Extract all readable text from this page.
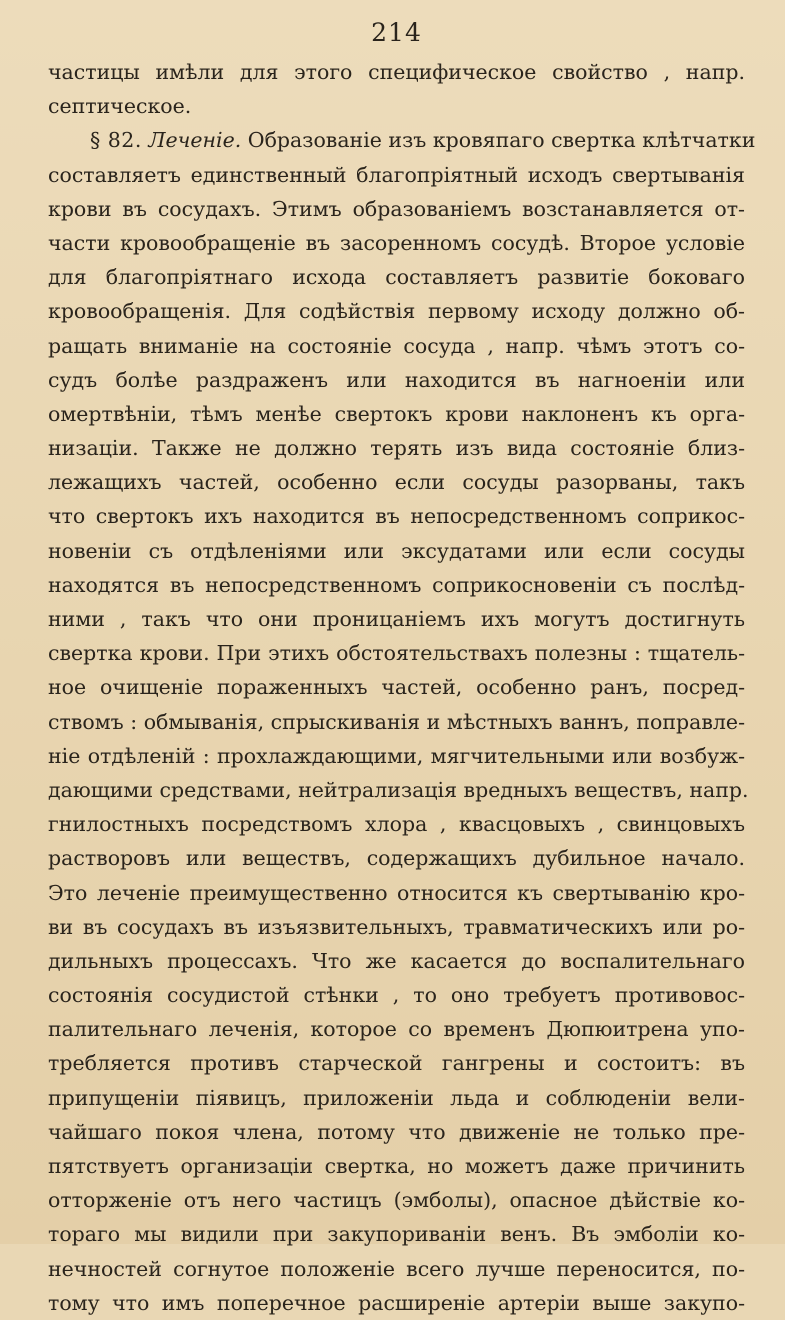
214
частицы имѣли для этого специфическое свойство , напр.
септическое.
§ 82. Леченіе. Образованіе изъ кровяпаго свертка клѣтчатки
составляетъ единственный благопріятный исходъ свертыванія
крови въ сосудахъ. Этимъ образованіемъ возстанавляется от-
части кровообращеніе въ засоренномъ сосудѣ. Второе условіе
для благопріятнаго исхода составляетъ развитіе боковаго
кровообращенія. Для содѣйствія первому исходу должно об-
ращать вниманіе на состояніе сосуда , напр. чѣмъ этотъ со-
судъ болѣе раздраженъ или находится въ нагноеніи или
омертвѣніи, тѣмъ менѣе свертокъ крови наклоненъ къ орга-
низаціи. Также не должно терять изъ вида состояніе близ-
лежащихъ частей, особенно если сосуды разорваны, такъ
что свертокъ ихъ находится въ непосредственномъ соприкос-
новеніи съ отдѣленіями или эксудатами или если сосуды
находятся въ непосредственномъ соприкосновеніи съ послѣд-
ними , такъ что они проницаніемъ ихъ могутъ достигнуть
свертка крови. При этихъ обстоятельствахъ полезны : тщатель-
ное очищеніе пораженныхъ частей, особенно ранъ, посред-
ствомъ : обмыванія, спрыскиванія и мѣстныхъ ваннъ, поправле-
ніе отдѣленій : прохлаждающими, мягчительными или возбуж-
дающими средствами, нейтрализація вредныхъ веществъ, напр.
гнилостныхъ посредствомъ хлора , квасцовыхъ , свинцовыхъ
растворовъ или веществъ, содержащихъ дубильное начало.
Это леченіе преимущественно относится къ свертыванію кро-
ви въ сосудахъ въ изъязвительныхъ, травматическихъ или ро-
дильныхъ процессахъ. Что же касается до воспалительнаго
состоянія сосудистой стѣнки , то оно требуетъ противовос-
палительнаго леченія, которое со временъ Дюпюитрена упо-
требляется противъ старческой гангрены и состоитъ: въ
припущеніи піявицъ, приложеніи льда и соблюденіи вели-
чайшаго покоя члена, потому что движеніе не только пре-
пятствуетъ организаціи свертка, но можетъ даже причинить
отторженіе отъ него частицъ (эмболы), опасное дѣйствіе ко-
тораго мы видили при закупориваніи венъ. Въ эмболіи ко-
нечностей согнутое положеніе всего лучше переносится, по-
тому что имъ поперечное расширеніе артеріи выше закупо-
